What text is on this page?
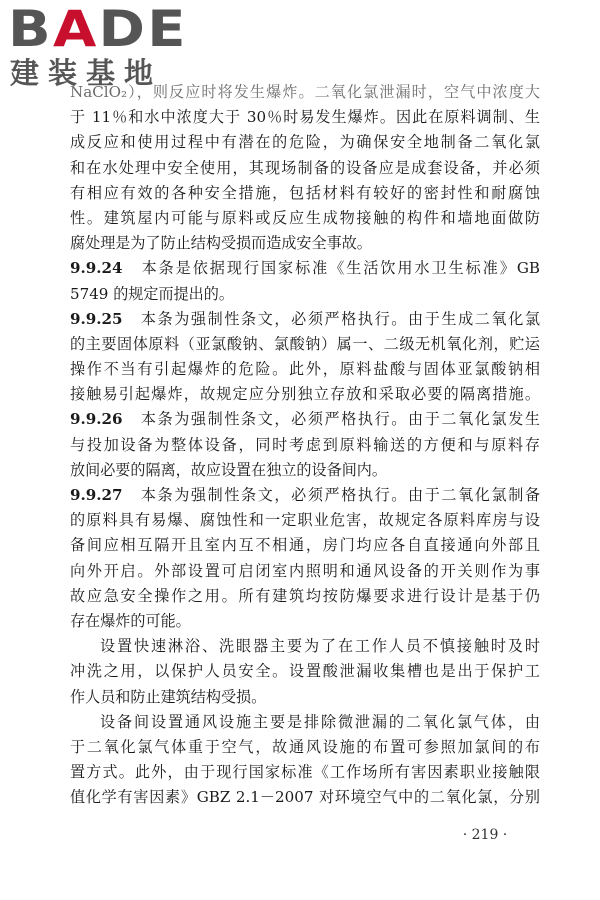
BADE
建装基地
NaClO₂），则反应时将发生爆炸。二氧化氯泄漏时，空气中浓度大
于 11％和水中浓度大于 30％时易发生爆炸。因此在原料调制、生
成反应和使用过程中有潜在的危险，为确保安全地制备二氧化氯
和在水处理中安全使用，其现场制备的设备应是成套设备，并必须
有相应有效的各种安全措施，包括材料有较好的密封性和耐腐蚀
性。建筑屋内可能与原料或反应生成物接触的构件和墙地面做防
腐处理是为了防止结构受损而造成安全事故。
9.9.24　 本条是依据现行国家标准《生活饮用水卫生标准》GB
5749 的规定而提出的。
9.9.25　 本条为强制性条文，必须严格执行。由于生成二氧化氯
的主要固体原料（亚氯酸钠、氯酸钠）属一、二级无机氧化剂，贮运
操作不当有引起爆炸的危险。此外，原料盐酸与固体亚氯酸钠相
接触易引起爆炸，故规定应分别独立存放和采取必要的隔离措施。
9.9.26　 本条为强制性条文，必须严格执行。由于二氧化氯发生
与投加设备为整体设备，同时考虑到原料输送的方便和与原料存
放间必要的隔离，故应设置在独立的设备间内。
9.9.27　 本条为强制性条文，必须严格执行。由于二氧化氯制备
的原料具有易爆、腐蚀性和一定职业危害，故规定各原料库房与设
备间应相互隔开且室内互不相通，房门均应各自直接通向外部且
向外开启。外部设置可启闭室内照明和通风设备的开关则作为事
故应急安全操作之用。所有建筑均按防爆要求进行设计是基于仍
存在爆炸的可能。
设置快速淋浴、洗眼器主要为了在工作人员不慎接触时及时
冲洗之用，以保护人员安全。设置酸泄漏收集槽也是出于保护工
作人员和防止建筑结构受损。
设备间设置通风设施主要是排除微泄漏的二氧化氯气体，由
于二氧化氯气体重于空气，故通风设施的布置可参照加氯间的布
置方式。此外，由于现行国家标准《工作场所有害因素职业接触限
值化学有害因素》GBZ 2.1－2007 对环境空气中的二氧化氯，分别
· 219 ·
